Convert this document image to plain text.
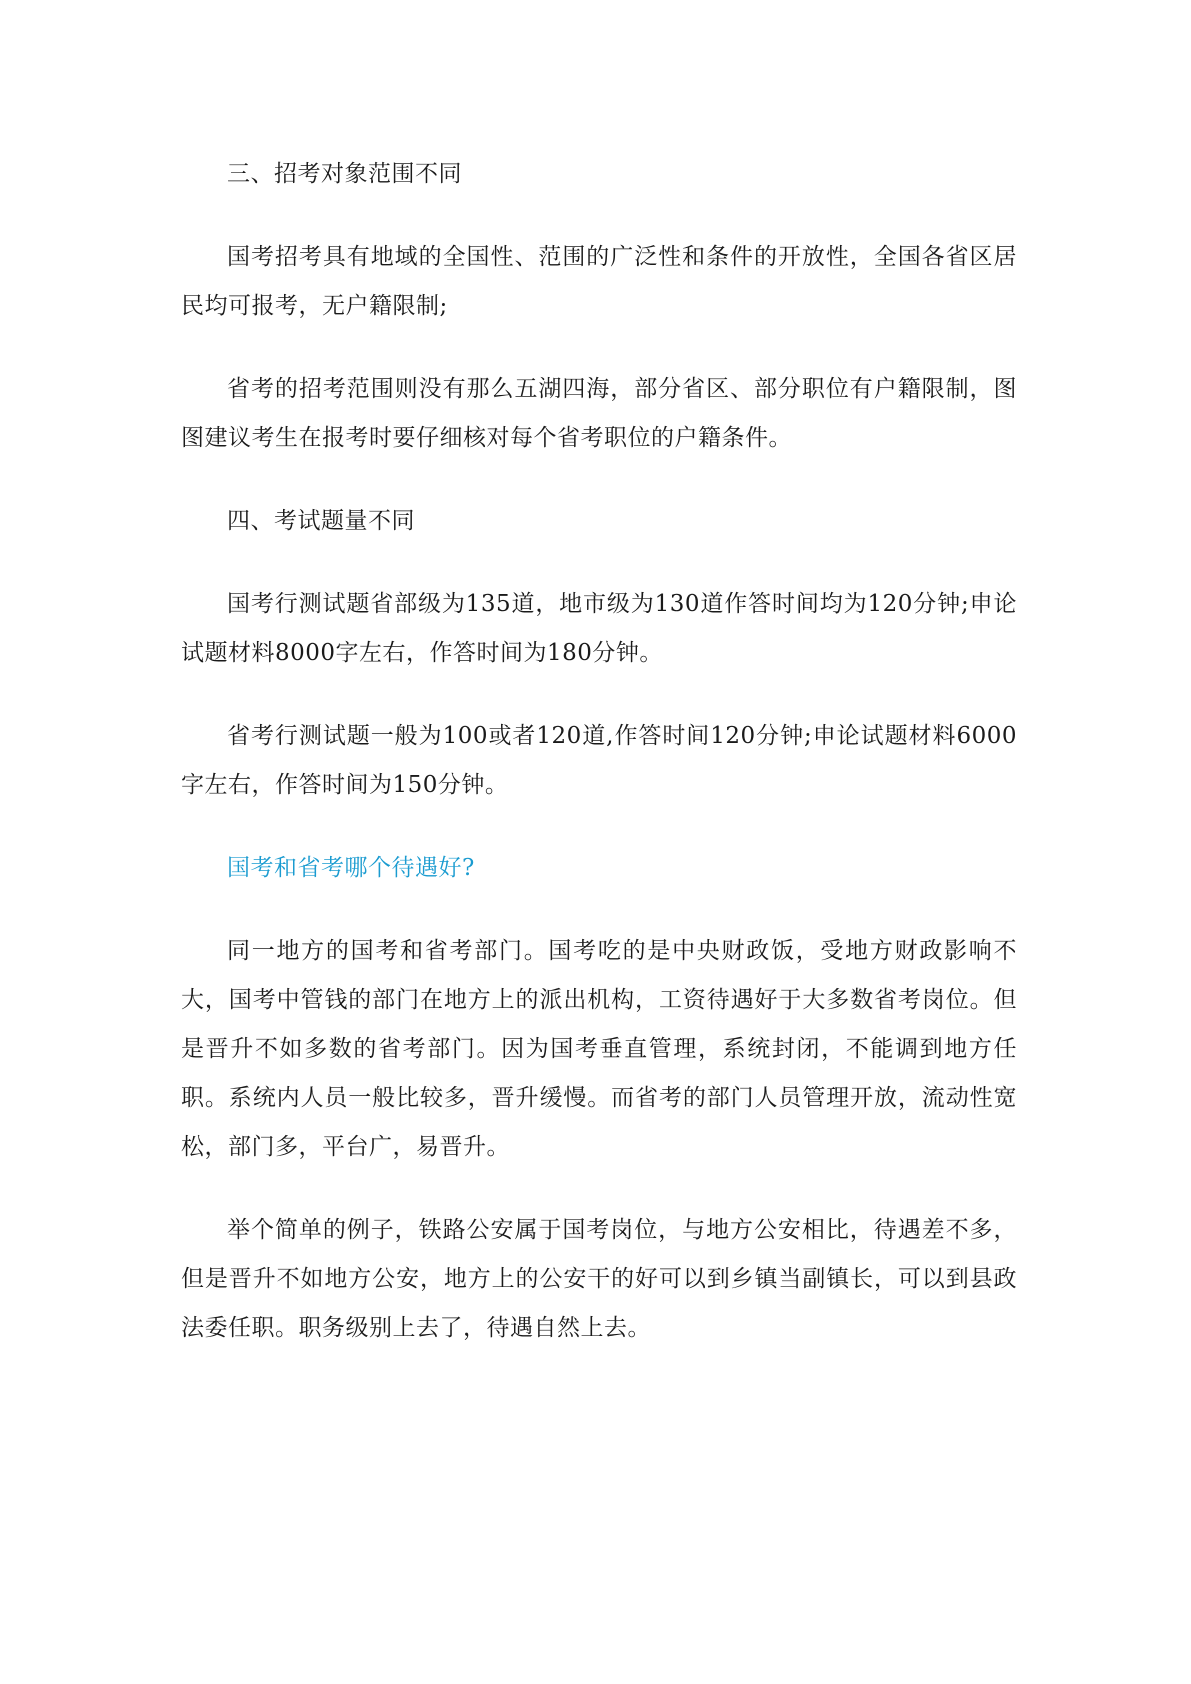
三、招考对象范围不同

国考招考具有地域的全国性、范围的广泛性和条件的开放性，全国各省区居民均可报考，无户籍限制;

省考的招考范围则没有那么五湖四海，部分省区、部分职位有户籍限制，图图建议考生在报考时要仔细核对每个省考职位的户籍条件。

四、考试题量不同

国考行测试题省部级为135道，地市级为130道作答时间均为120分钟;申论试题材料8000字左右，作答时间为180分钟。

省考行测试题一般为100或者120道,作答时间120分钟;申论试题材料6000字左右，作答时间为150分钟。

国考和省考哪个待遇好?

同一地方的国考和省考部门。国考吃的是中央财政饭，受地方财政影响不大，国考中管钱的部门在地方上的派出机构，工资待遇好于大多数省考岗位。但是晋升不如多数的省考部门。因为国考垂直管理，系统封闭，不能调到地方任职。系统内人员一般比较多，晋升缓慢。而省考的部门人员管理开放，流动性宽松，部门多，平台广，易晋升。

举个简单的例子，铁路公安属于国考岗位，与地方公安相比，待遇差不多，但是晋升不如地方公安，地方上的公安干的好可以到乡镇当副镇长，可以到县政法委任职。职务级别上去了，待遇自然上去。
